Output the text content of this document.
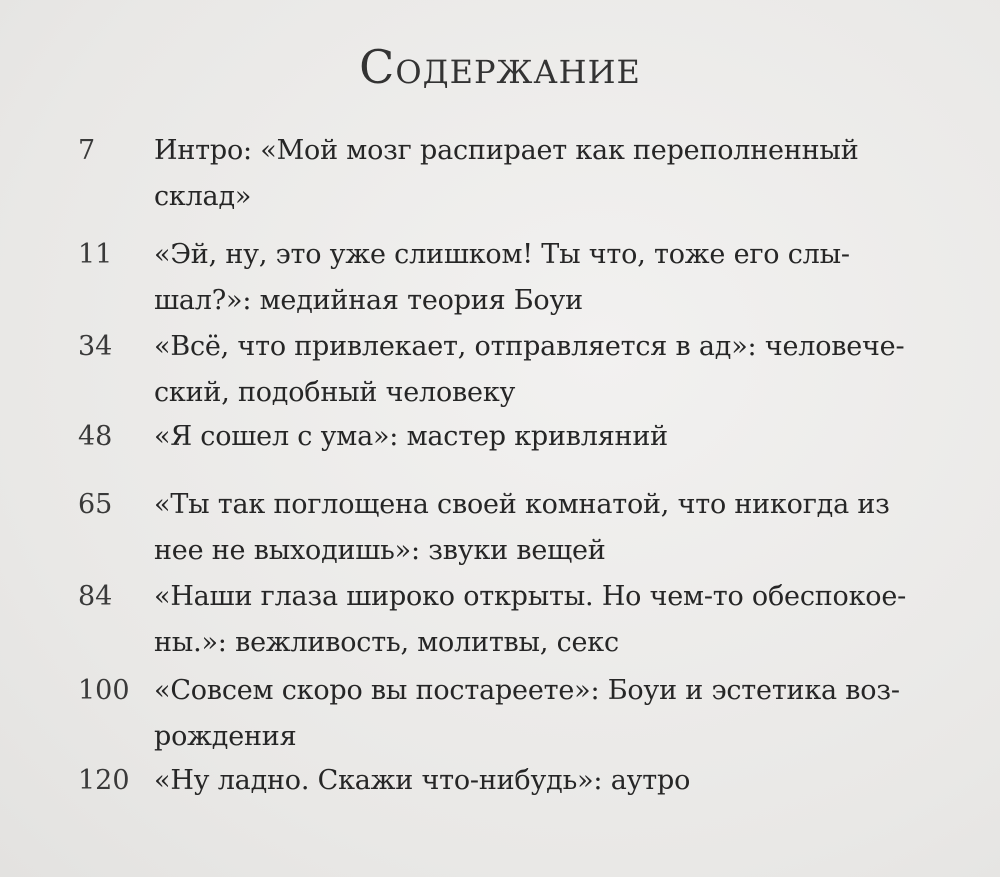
Содержание
7	Интро: «Мой мозг распирает как переполненный
склад»
11	«Эй, ну, это уже слишком! Ты что, тоже его слы-
шал?»: медийная теория Боуи
34	«Всё, что привлекает, отправляется в ад»: человече-
ский, подобный человеку
48	«Я сошел с ума»: мастер кривляний
65	«Ты так поглощена своей комнатой, что никогда из
нее не выходишь»: звуки вещей
84	«Наши глаза широко открыты. Но чем-то обеспокое-
ны.»: вежливость, молитвы, секс
100 «Совсем скоро вы постареете»: Боуи и эстетика воз-
рождения
120 «Ну ладно. Скажи что-нибудь»: аутро
